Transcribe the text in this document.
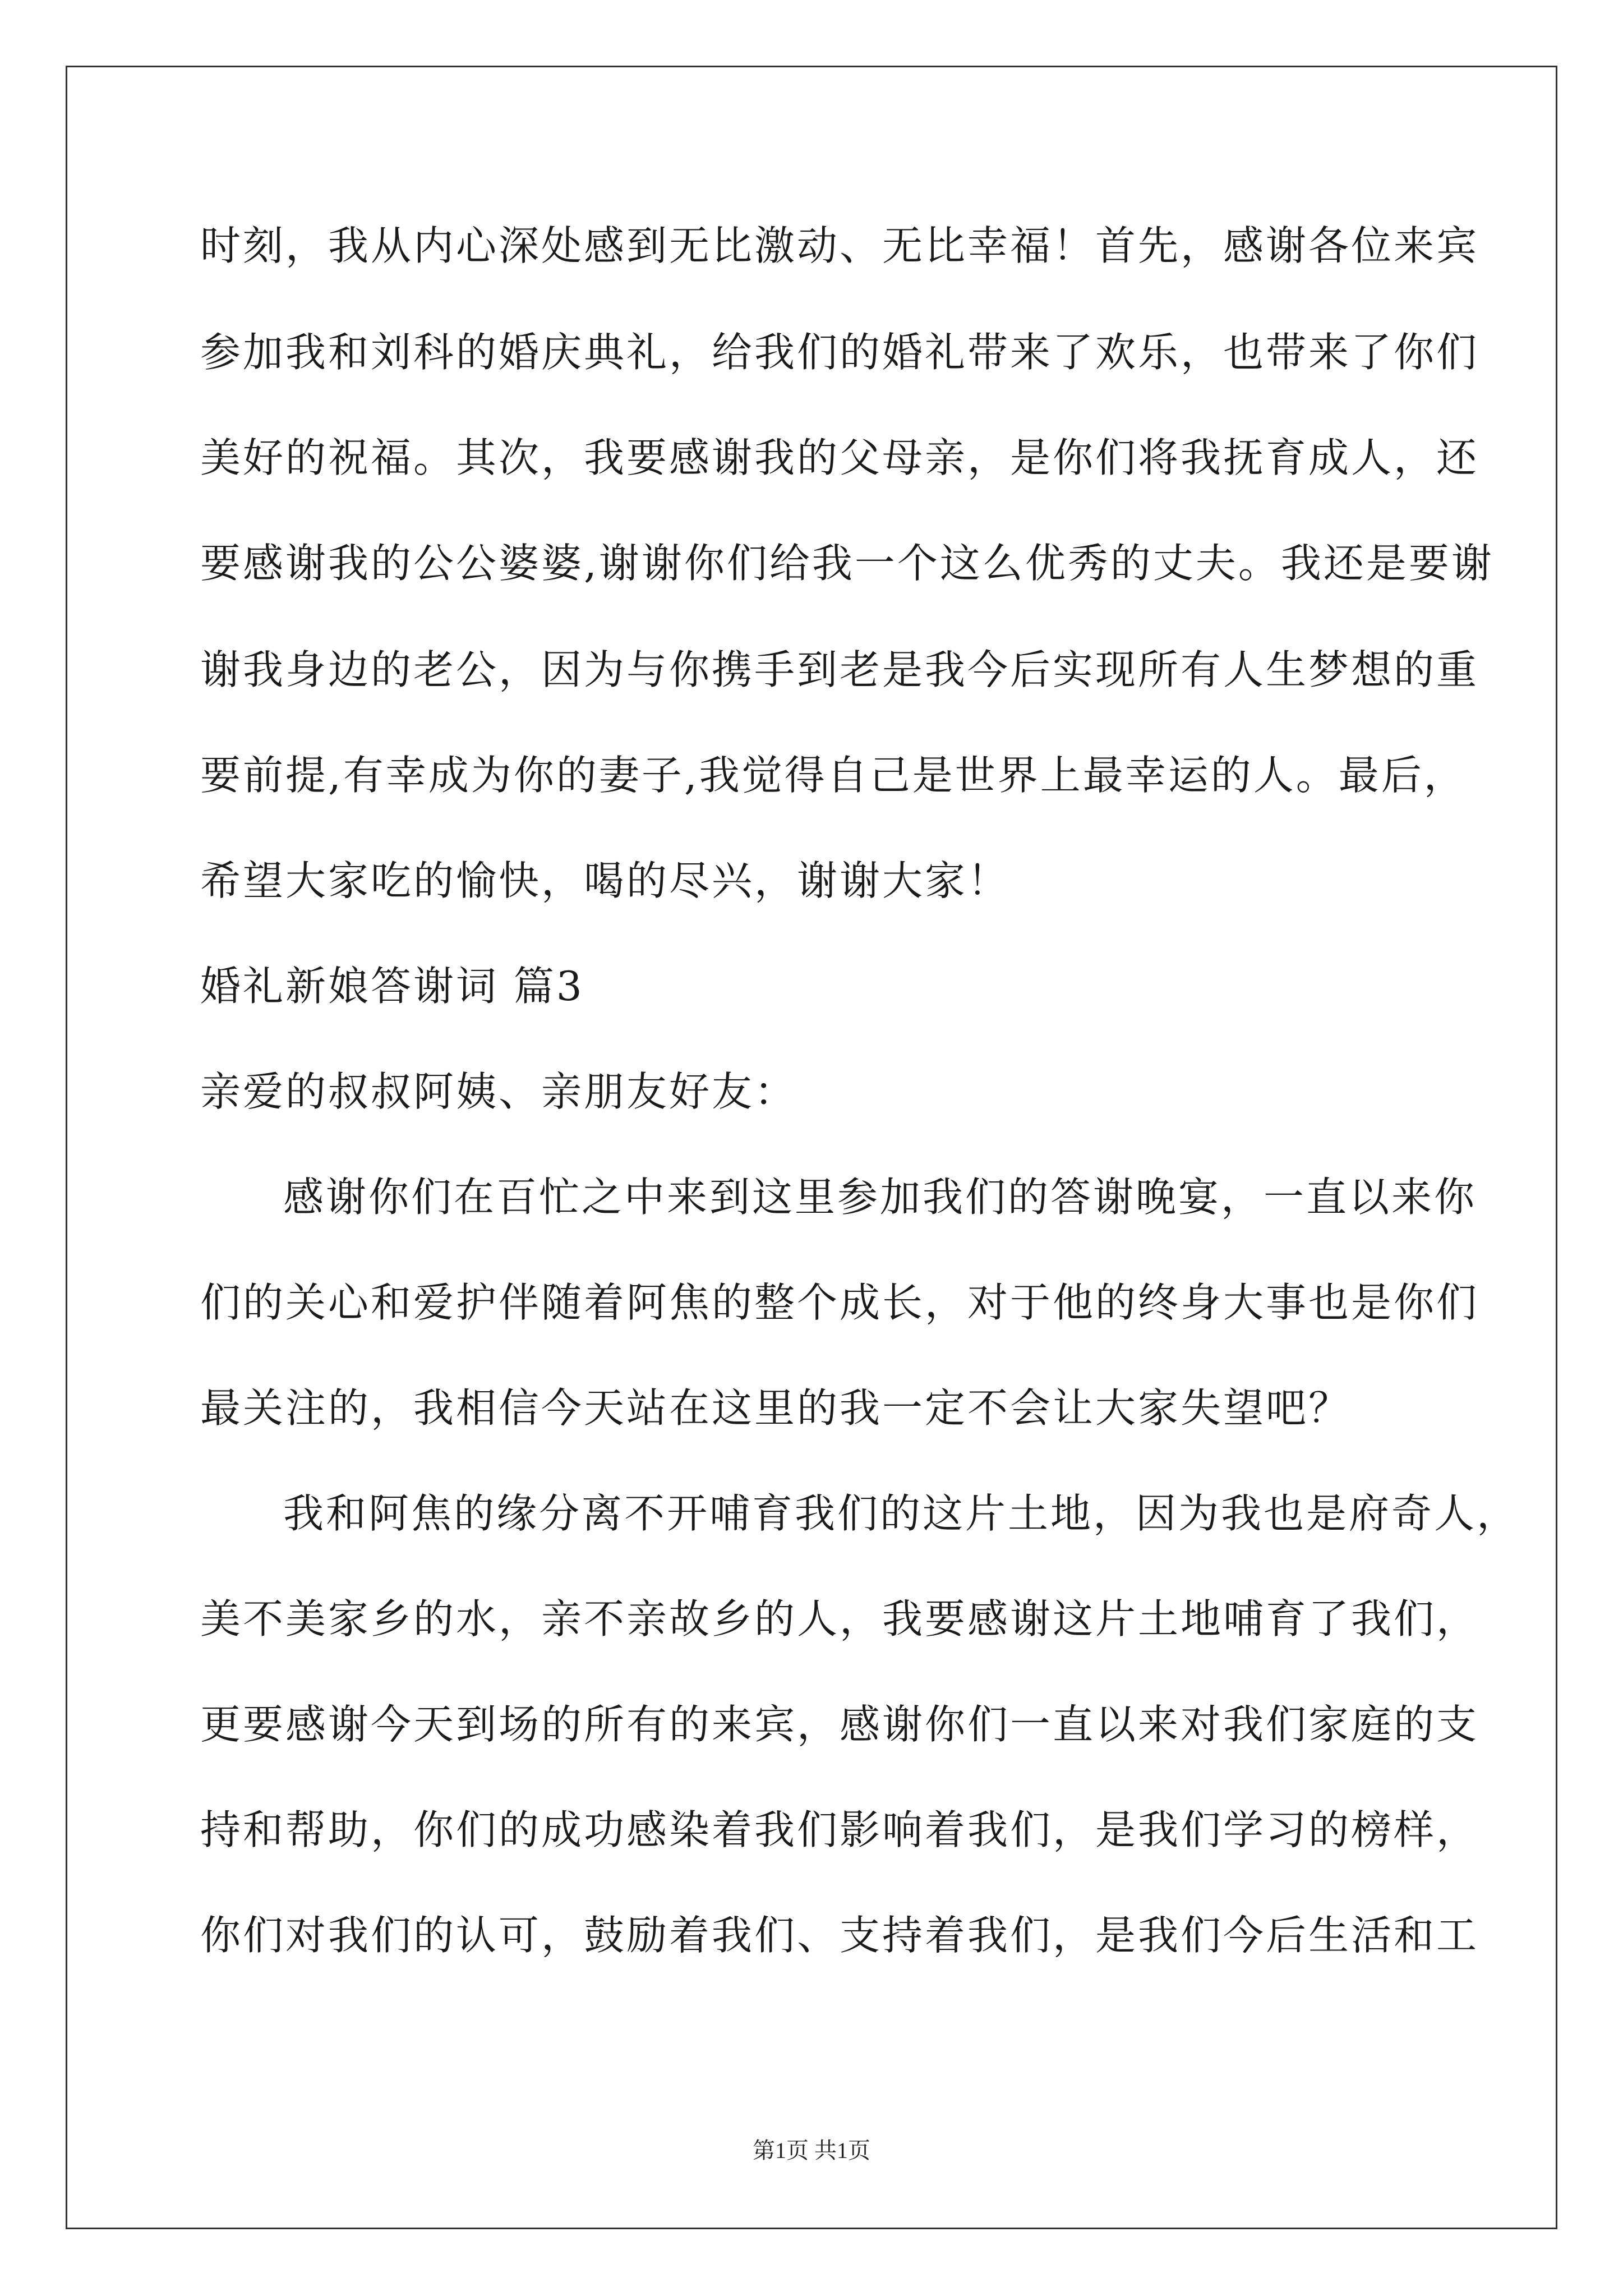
时刻，我从内心深处感到无比激动、无比幸福！首先，感谢各位来宾
参加我和刘科的婚庆典礼，给我们的婚礼带来了欢乐，也带来了你们
美好的祝福。其次，我要感谢我的父母亲，是你们将我抚育成人，还
要感谢我的公公婆婆,谢谢你们给我一个这么优秀的丈夫。我还是要谢
谢我身边的老公，因为与你携手到老是我今后实现所有人生梦想的重
要前提,有幸成为你的妻子,我觉得自己是世界上最幸运的人。最后，
希望大家吃的愉快，喝的尽兴，谢谢大家！
婚礼新娘答谢词 篇3
亲爱的叔叔阿姨、亲朋友好友：
感谢你们在百忙之中来到这里参加我们的答谢晚宴，一直以来你
们的关心和爱护伴随着阿焦的整个成长，对于他的终身大事也是你们
最关注的，我相信今天站在这里的我一定不会让大家失望吧？
我和阿焦的缘分离不开哺育我们的这片土地，因为我也是府奇人，
美不美家乡的水，亲不亲故乡的人，我要感谢这片土地哺育了我们，
更要感谢今天到场的所有的来宾，感谢你们一直以来对我们家庭的支
持和帮助，你们的成功感染着我们影响着我们，是我们学习的榜样，
你们对我们的认可，鼓励着我们、支持着我们，是我们今后生活和工
第1页 共1页
